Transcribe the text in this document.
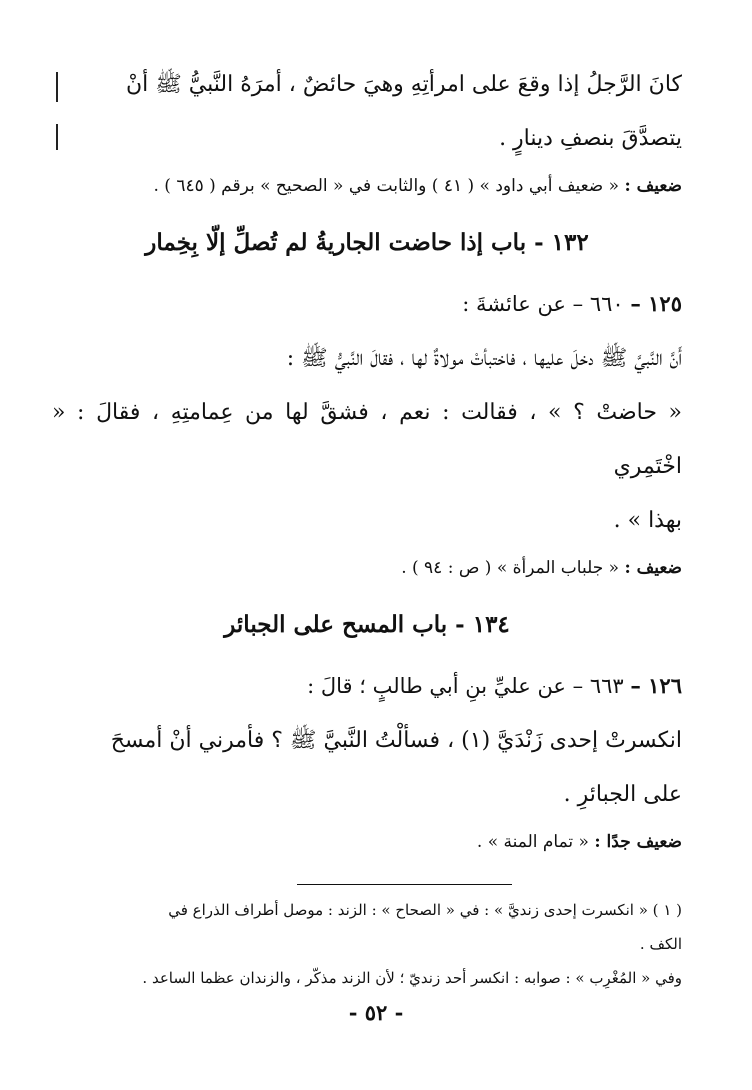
كانَ الرَّجلُ إذا وقعَ على امرأتِهِ وهيَ حائضٌ ، أمرَهُ النَّبيُّ ﷺ أنْ

يتصدَّقَ بنصفِ دينارٍ .

ضعيف : « ضعيف أبي داود » ( ٤١ ) والثابت في « الصحيح » برقم ( ٦٤٥ ) .

١٣٢ - باب إذا حاضت الجاريةُ لم تُصلِّ إلّا بِخِمار

١٢٥ – ٦٦٠ – عن عائشةَ :

أَنَّ النَّبيَّ ﷺ دخلَ عليها ، فاختبأتْ مولاةٌ لها ، فقالَ النَّبيُّ ﷺ :

« حاضتْ ؟ » ، فقالت : نعم ، فشقَّ لها من عِمامتِهِ ، فقالَ : « اخْتَمِري

بهذا » .

ضعيف : « جلباب المرأة » ( ص : ٩٤ ) .

١٣٤ - باب المسح على الجبائر

١٢٦ – ٦٦٣ – عن عليِّ بنِ أبي طالبٍ ؛ قالَ :

انكسرتْ إحدى زَنْدَيَّ (١) ، فسألْتُ النَّبيَّ ﷺ ؟ فأمرني أنْ أمسحَ

على الجبائرِ .

ضعيف جدًا : « تمام المنة » .

( ١ ) « انكسرت إحدى زنديَّ » : في « الصحاح » : الزند : موصل أطراف الذراع في

الكف .

وفي « المُغْرِب » : صوابه : انكسر أحد زنديّ ؛ لأن الزند مذكّر ، والزندان عظما الساعد .

- ٥٢ -
